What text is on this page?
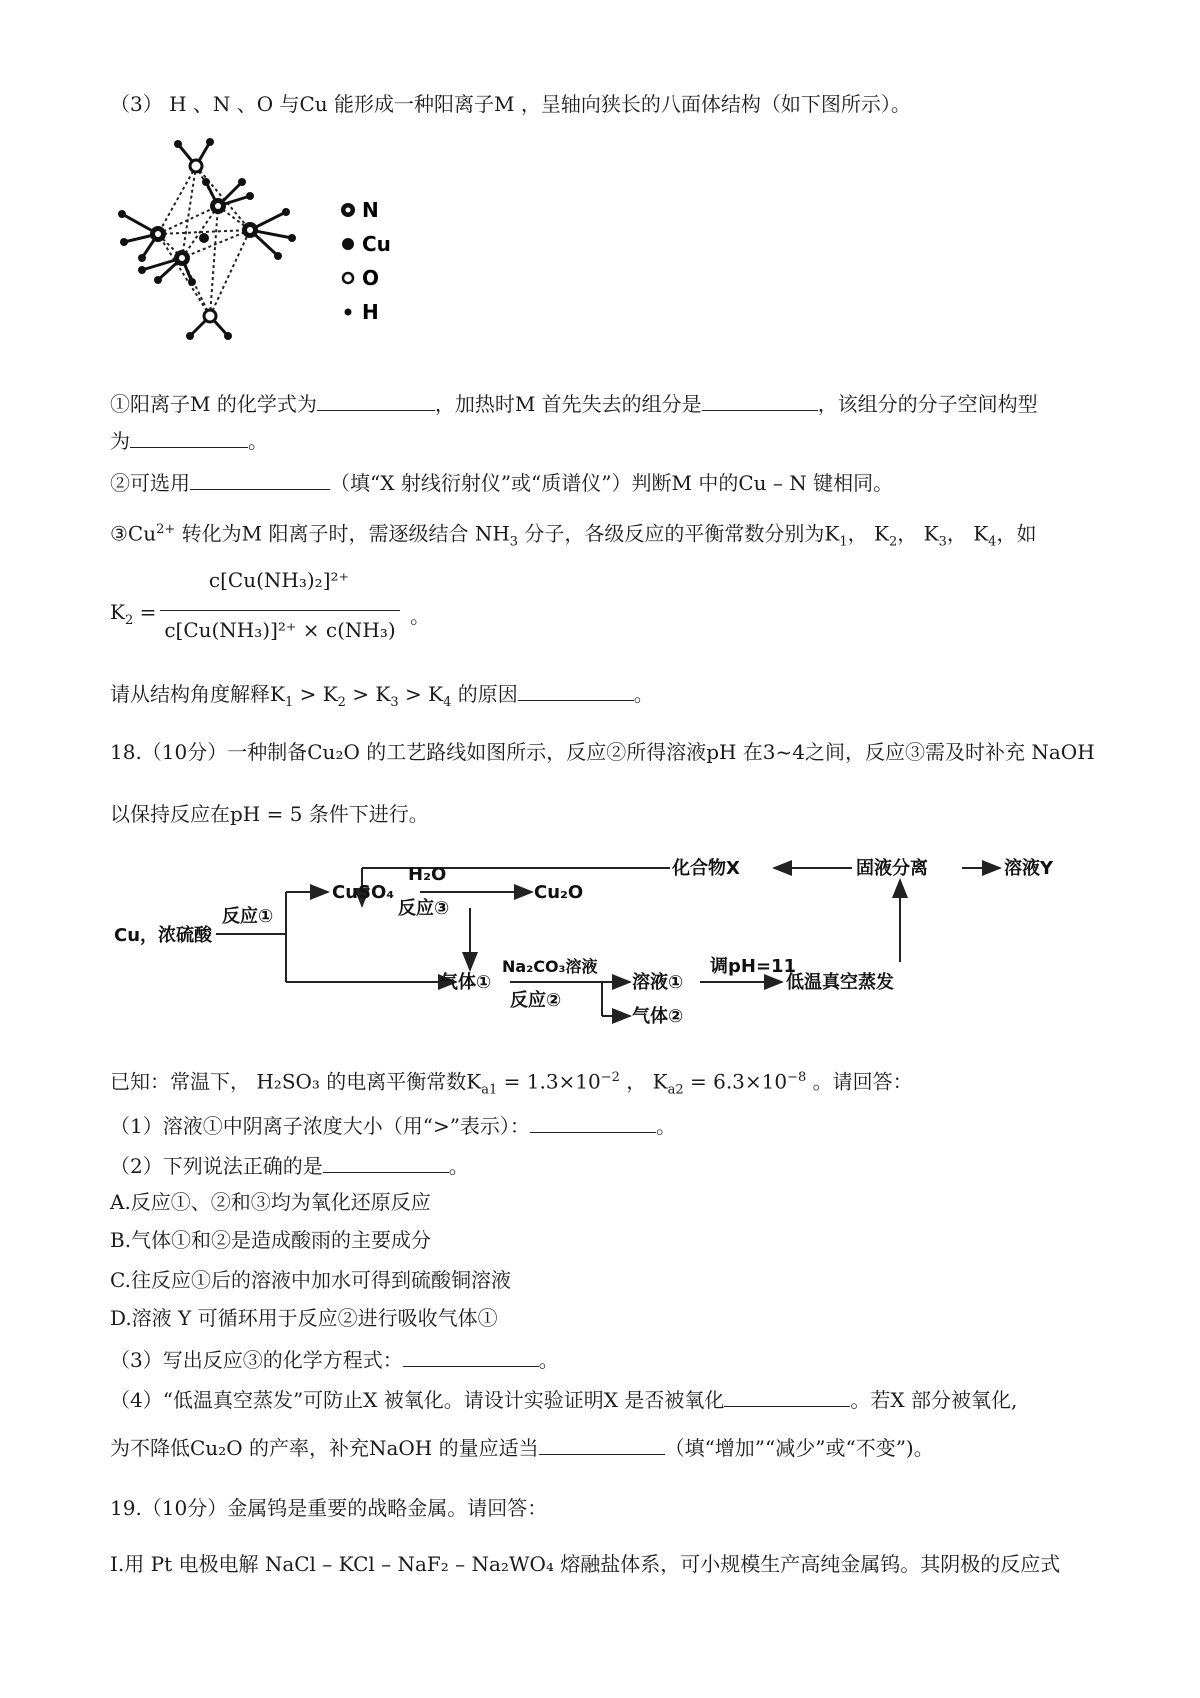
（3） H 、N 、O 与Cu 能形成一种阳离子M ，呈轴向狭长的八面体结构（如下图所示）。
N
Cu
O
H
①阳离子M 的化学式为	，加热时M 首先失去的组分是	，该组分的分子空间构型
为	。
②可选用	（填“X 射线衍射仪”或“质谱仪”）判断M 中的Cu – N 键相同。
$③Cu^{2+}$ 转化为M 阳离子时，需逐级结合 $NH_3$ 分子，各级反应的平衡常数分别为$K_1$， $K_2$， $K_3$， $K_4$，如
$K_2$ =
c[Cu(NH₃)₂]²⁺
c[Cu(NH₃)]²⁺ × c(NH₃)
。
请从结构角度解释$K_1 > K_2 > K_3 > K_4$ 的原因	。
18.（10分）一种制备Cu₂O 的工艺路线如图所示，反应②所得溶液pH 在3~4之间，反应③需及时补充 NaOH
以保持反应在pH = 5 条件下进行。
Cu，浓硫酸
反应①
CuSO₄
H₂O
反应③
Cu₂O
气体①
Na₂CO₃溶液
反应②
溶液①
气体②
调pH=11
低温真空蒸发
固液分离
化合物X	溶液Y
已知：常温下， H₂SO₃ 的电离平衡常数$K_{a1} = 1.3\times 10^{-2}$ ， $K_{a2} = 6.3\times 10^{-8}$ 。请回答：
（1）溶液①中阴离子浓度大小（用“>”表示）：	。
（2）下列说法正确的是	。
A.反应①、②和③均为氧化还原反应
B.气体①和②是造成酸雨的主要成分
C.往反应①后的溶液中加水可得到硫酸铜溶液
D.溶液 Y 可循环用于反应②进行吸收气体①
（3）写出反应③的化学方程式：	。
（4）“低温真空蒸发”可防止X 被氧化。请设计实验证明X 是否被氧化	。若X 部分被氧化,
为不降低Cu₂O 的产率，补充NaOH 的量应适当	（填“增加”“减少”或“不变”)。
19.（10分）金属钨是重要的战略金属。请回答：
I.用 Pt 电极电解 NaCl – KCl – NaF₂ – Na₂WO₄ 熔融盐体系，可小规模生产高纯金属钨。其阴极的反应式
